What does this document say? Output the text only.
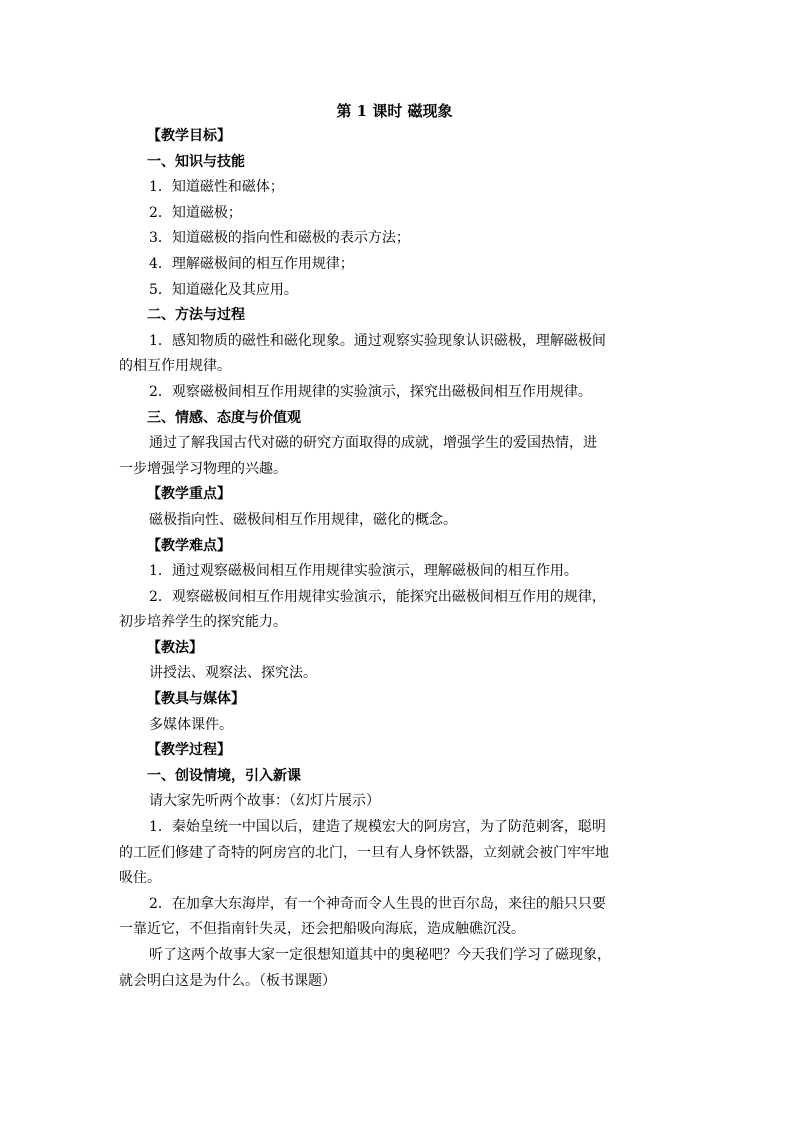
第 1 课时 磁现象
【教学目标】
一、知识与技能
1．知道磁性和磁体；
2．知道磁极；
3．知道磁极的指向性和磁极的表示方法；
4．理解磁极间的相互作用规律；
5．知道磁化及其应用。
二、方法与过程
1．感知物质的磁性和磁化现象。通过观察实验现象认识磁极，理解磁极间
的相互作用规律。
2．观察磁极间相互作用规律的实验演示，探究出磁极间相互作用规律。
三、情感、态度与价值观
通过了解我国古代对磁的研究方面取得的成就，增强学生的爱国热情，进
一步增强学习物理的兴趣。
【教学重点】
磁极指向性、磁极间相互作用规律，磁化的概念。
【教学难点】
1．通过观察磁极间相互作用规律实验演示，理解磁极间的相互作用。
2．观察磁极间相互作用规律实验演示，能探究出磁极间相互作用的规律，
初步培养学生的探究能力。
【教法】
讲授法、观察法、探究法。
【教具与媒体】
多媒体课件。
【教学过程】
一、创设情境，引入新课
请大家先听两个故事：（幻灯片展示）
1．秦始皇统一中国以后，建造了规模宏大的阿房宫，为了防范刺客，聪明
的工匠们修建了奇特的阿房宫的北门，一旦有人身怀铁器，立刻就会被门牢牢地
吸住。
2．在加拿大东海岸，有一个神奇而令人生畏的世百尔岛，来往的船只只要
一靠近它，不但指南针失灵，还会把船吸向海底，造成触礁沉没。
听了这两个故事大家一定很想知道其中的奥秘吧？今天我们学习了磁现象，
就会明白这是为什么。（板书课题）
